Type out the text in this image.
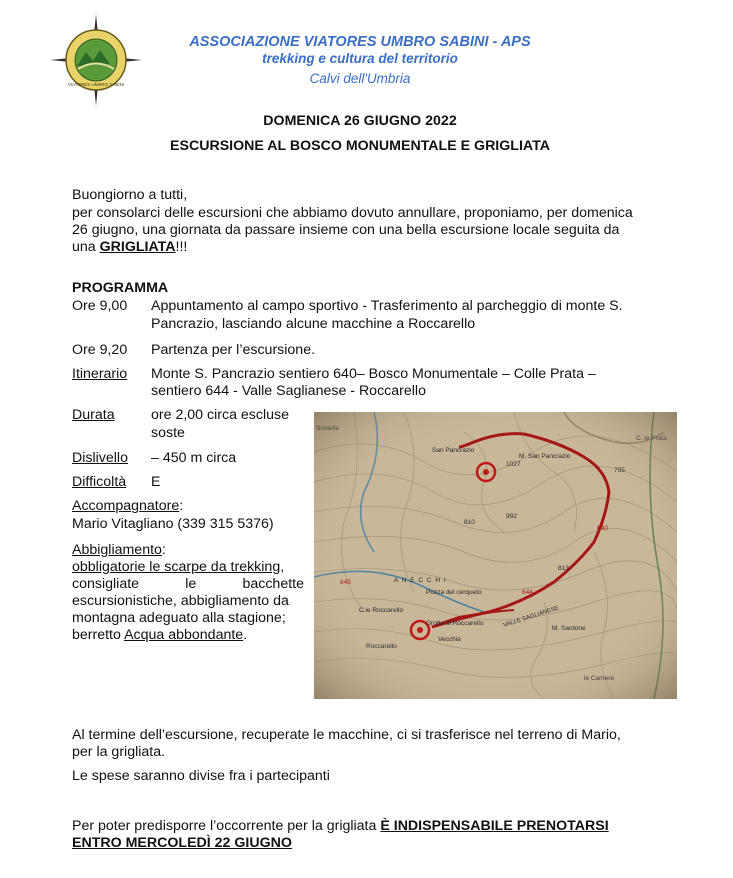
VIATORES UMBRO SABINI
ASSOCIAZIONE VIATORES UMBRO SABINI - APS
trekking e cultura del territorio
Calvi dell'Umbria
DOMENICA 26 GIUGNO 2022
ESCURSIONE AL BOSCO MONUMENTALE E GRIGLIATA
Buongiorno a tutti,
per consolarci delle escursioni che abbiamo dovuto annullare, proponiamo, per domenica
26 giugno, una giornata da passare insieme con una bella escursione locale seguita da
una GRIGLIATA!!!
PROGRAMMA
Ore 9,00 Appuntamento al campo sportivo - Trasferimento al parcheggio di monte S.
Pancrazio, lasciando alcune macchine a Roccarello
Ore 9,20 Partenza per l’escursione.
Itinerario Monte S. Pancrazio sentiero 640– Bosco Monumentale – Colle Prata –
sentiero 644 - Valle Saglianese - Roccarello
Durata	ore 2,00 circa escluse
soste
Dislivello – 450 m circa
Difficoltà E
Accompagnatore:
Mario Vitagliano (339 315 5376)
Abbigliamento:
obbligatorie le scarpe da trekking,
consigliate	le	bacchette
escursionistiche, abbigliamento da
montagna adeguato alla stagione;
berretto Acqua abbondante.
Al termine dell’escursione, recuperate le macchine, ci si trasferisce nel terreno di Mario,
per la grigliata.
Le spese saranno divise fra i partecipanti
Per poter predisporre l’occorrente per la grigliata È INDISPENSABILE PRENOTARSI
ENTRO MERCOLEDÌ 22 GIUGNO
